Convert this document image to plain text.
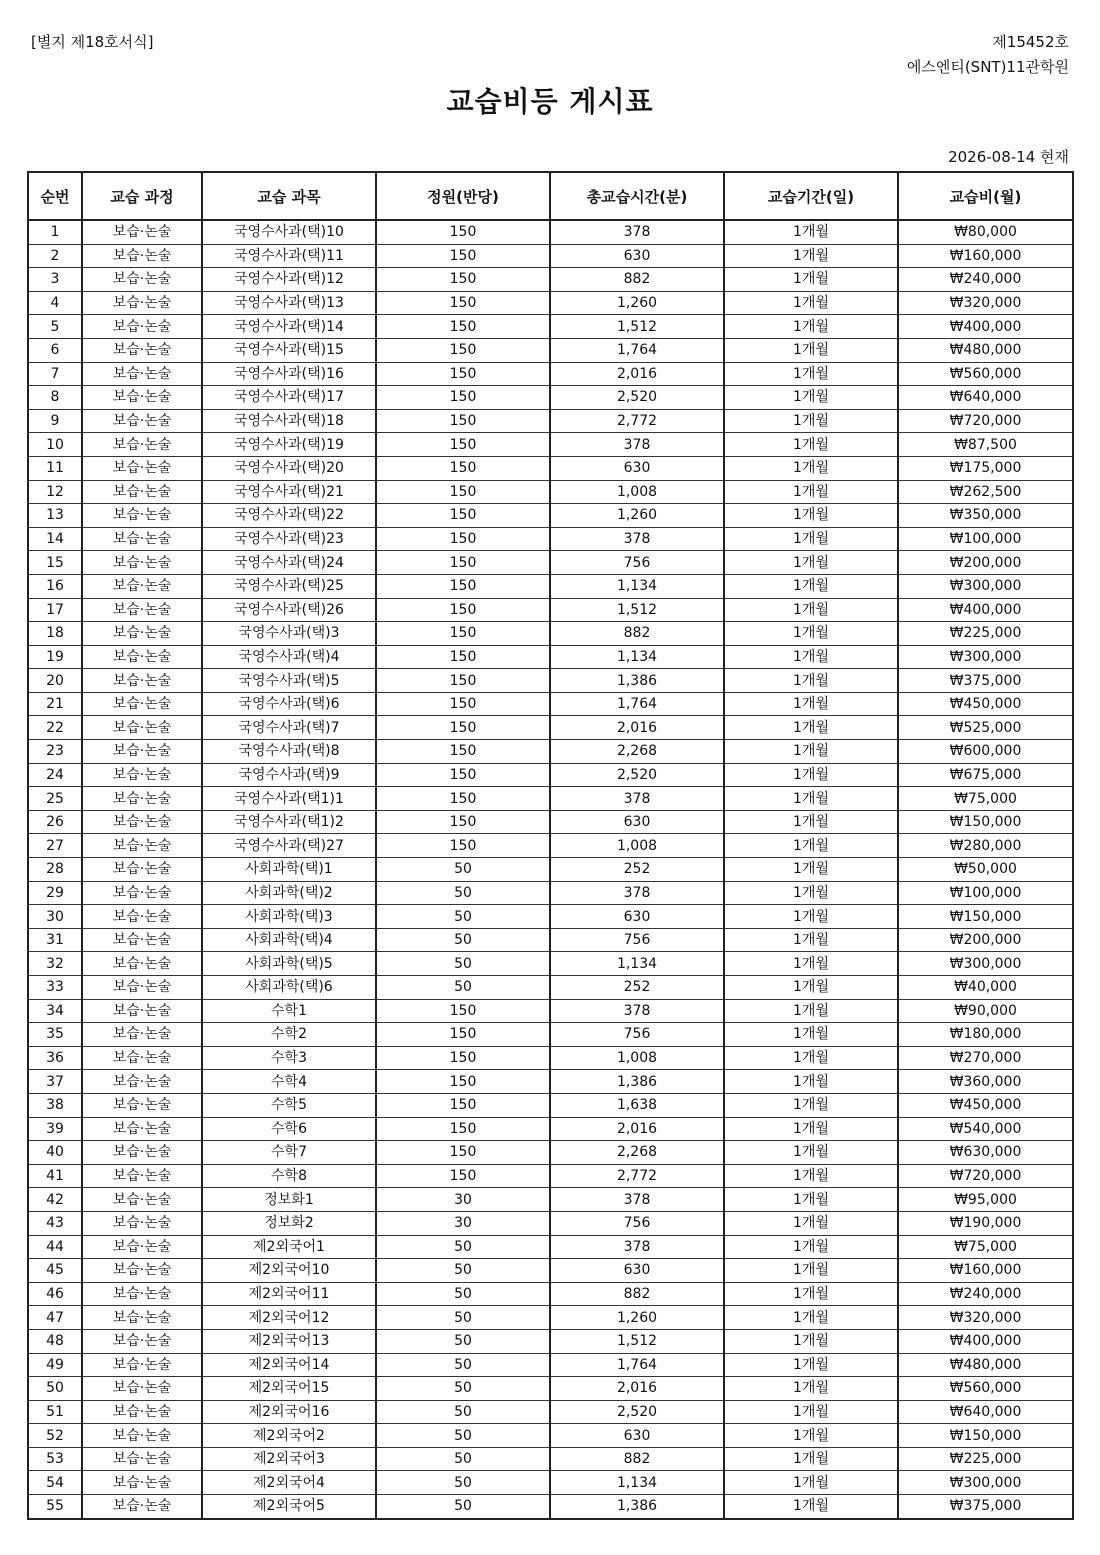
[별지 제18호서식]	제15452호
에스엔티(SNT)11관학원
교습비등 게시표
2026-08-14 현재
순번	교습 과정	교습 과목	정원(반당)	총교습시간(분)	교습기간(일)	교습비(월)
1	보습·논술	국영수사과(택)10	150	378	1개월	₩80,000
2	보습·논술	국영수사과(택)11	150	630	1개월	₩160,000
3	보습·논술	국영수사과(택)12	150	882	1개월	₩240,000
4	보습·논술	국영수사과(택)13	150	1,260	1개월	₩320,000
5	보습·논술	국영수사과(택)14	150	1,512	1개월	₩400,000
6	보습·논술	국영수사과(택)15	150	1,764	1개월	₩480,000
7	보습·논술	국영수사과(택)16	150	2,016	1개월	₩560,000
8	보습·논술	국영수사과(택)17	150	2,520	1개월	₩640,000
9	보습·논술	국영수사과(택)18	150	2,772	1개월	₩720,000
10	보습·논술	국영수사과(택)19	150	378	1개월	₩87,500
11	보습·논술	국영수사과(택)20	150	630	1개월	₩175,000
12	보습·논술	국영수사과(택)21	150	1,008	1개월	₩262,500
13	보습·논술	국영수사과(택)22	150	1,260	1개월	₩350,000
14	보습·논술	국영수사과(택)23	150	378	1개월	₩100,000
15	보습·논술	국영수사과(택)24	150	756	1개월	₩200,000
16	보습·논술	국영수사과(택)25	150	1,134	1개월	₩300,000
17	보습·논술	국영수사과(택)26	150	1,512	1개월	₩400,000
18	보습·논술	국영수사과(택)3	150	882	1개월	₩225,000
19	보습·논술	국영수사과(택)4	150	1,134	1개월	₩300,000
20	보습·논술	국영수사과(택)5	150	1,386	1개월	₩375,000
21	보습·논술	국영수사과(택)6	150	1,764	1개월	₩450,000
22	보습·논술	국영수사과(택)7	150	2,016	1개월	₩525,000
23	보습·논술	국영수사과(택)8	150	2,268	1개월	₩600,000
24	보습·논술	국영수사과(택)9	150	2,520	1개월	₩675,000
25	보습·논술	국영수사과(택1)1	150	378	1개월	₩75,000
26	보습·논술	국영수사과(택1)2	150	630	1개월	₩150,000
27	보습·논술	국영수사과(택)27	150	1,008	1개월	₩280,000
28	보습·논술	사회과학(택)1	50	252	1개월	₩50,000
29	보습·논술	사회과학(택)2	50	378	1개월	₩100,000
30	보습·논술	사회과학(택)3	50	630	1개월	₩150,000
31	보습·논술	사회과학(택)4	50	756	1개월	₩200,000
32	보습·논술	사회과학(택)5	50	1,134	1개월	₩300,000
33	보습·논술	사회과학(택)6	50	252	1개월	₩40,000
34	보습·논술	수학1	150	378	1개월	₩90,000
35	보습·논술	수학2	150	756	1개월	₩180,000
36	보습·논술	수학3	150	1,008	1개월	₩270,000
37	보습·논술	수학4	150	1,386	1개월	₩360,000
38	보습·논술	수학5	150	1,638	1개월	₩450,000
39	보습·논술	수학6	150	2,016	1개월	₩540,000
40	보습·논술	수학7	150	2,268	1개월	₩630,000
41	보습·논술	수학8	150	2,772	1개월	₩720,000
42	보습·논술	정보화1	30	378	1개월	₩95,000
43	보습·논술	정보화2	30	756	1개월	₩190,000
44	보습·논술	제2외국어1	50	378	1개월	₩75,000
45	보습·논술	제2외국어10	50	630	1개월	₩160,000
46	보습·논술	제2외국어11	50	882	1개월	₩240,000
47	보습·논술	제2외국어12	50	1,260	1개월	₩320,000
48	보습·논술	제2외국어13	50	1,512	1개월	₩400,000
49	보습·논술	제2외국어14	50	1,764	1개월	₩480,000
50	보습·논술	제2외국어15	50	2,016	1개월	₩560,000
51	보습·논술	제2외국어16	50	2,520	1개월	₩640,000
52	보습·논술	제2외국어2	50	630	1개월	₩150,000
53	보습·논술	제2외국어3	50	882	1개월	₩225,000
54	보습·논술	제2외국어4	50	1,134	1개월	₩300,000
55	보습·논술	제2외국어5	50	1,386	1개월	₩375,000
